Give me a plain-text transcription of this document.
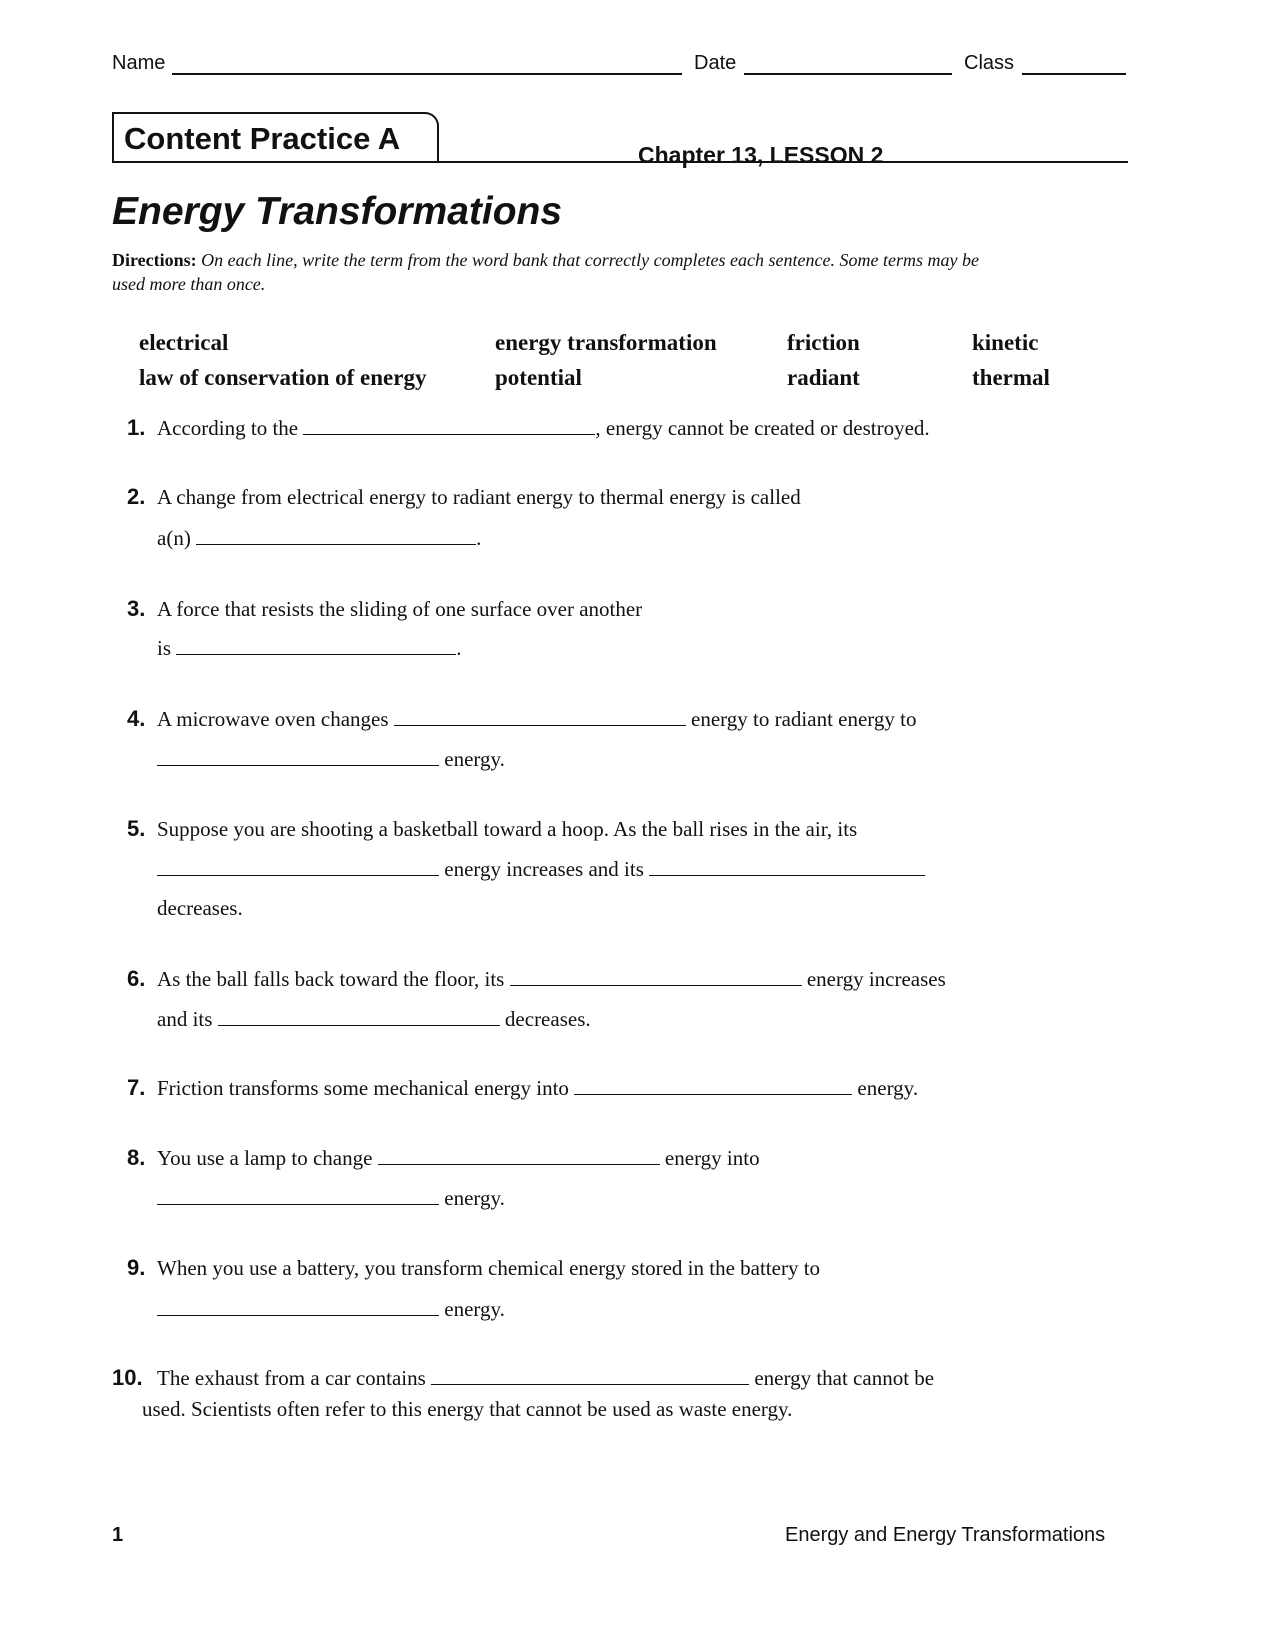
Name	Date	Class
Content Practice A	Chapter 13, LESSON 2
Energy Transformations
Directions: On each line, write the term from the word bank that correctly completes each sentence. Some terms may be used more than once.
electrical	energy transformation	friction	kinetic
law of conservation of energy	potential	radiant	thermal
1. According to the	, energy cannot be created or destroyed.
2. A change from electrical energy to radiant energy to thermal energy is called
a(n)	.
3. A force that resists the sliding of one surface over another
is	.
4. A microwave oven changes	energy to radiant energy to
energy.
5. Suppose you are shooting a basketball toward a hoop. As the ball rises in the air, its
energy increases and its
decreases.
6. As the ball falls back toward the floor, its	energy increases
and its	decreases.
7. Friction transforms some mechanical energy into	energy.
8. You use a lamp to change	energy into
energy.
9. When you use a battery, you transform chemical energy stored in the battery to
energy.
10. The exhaust from a car contains	energy that cannot be
used. Scientists often refer to this energy that cannot be used as waste energy.
1	Energy and Energy Transformations
